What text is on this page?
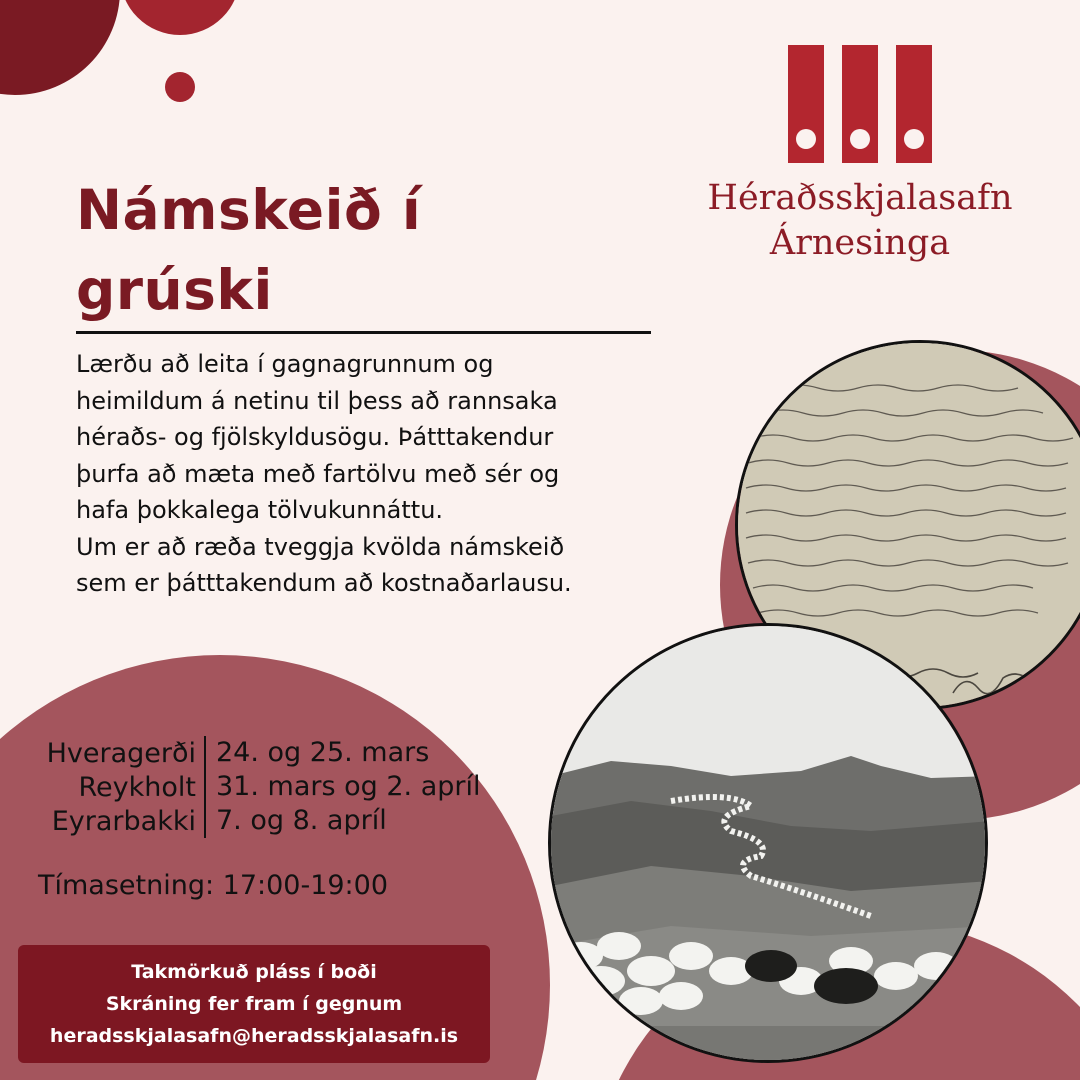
Héraðsskjalasafn
Árnesinga
Námskeið í
grúski

Lærðu að leita í gagnagrunnum og

heimildum á netinu til þess að rannsaka

héraðs- og fjölskyldusögu. Þátttakendur

þurfa að mæta með fartölvu með sér og

hafa þokkalega tölvukunnáttu.

Um er að ræða tveggja kvölda námskeið

sem er þátttakendum að kostnaðarlausu.

Hveragerði 24. og 25. mars
Reykholt 31. mars og 2. apríl
Eyrarbakki 7. og 8. apríl
Tímasetning: 17:00-19:00
Takmörkuð pláss í boði
Skráning fer fram í gegnum
heradsskjalasafn@heradsskjalasafn.is
